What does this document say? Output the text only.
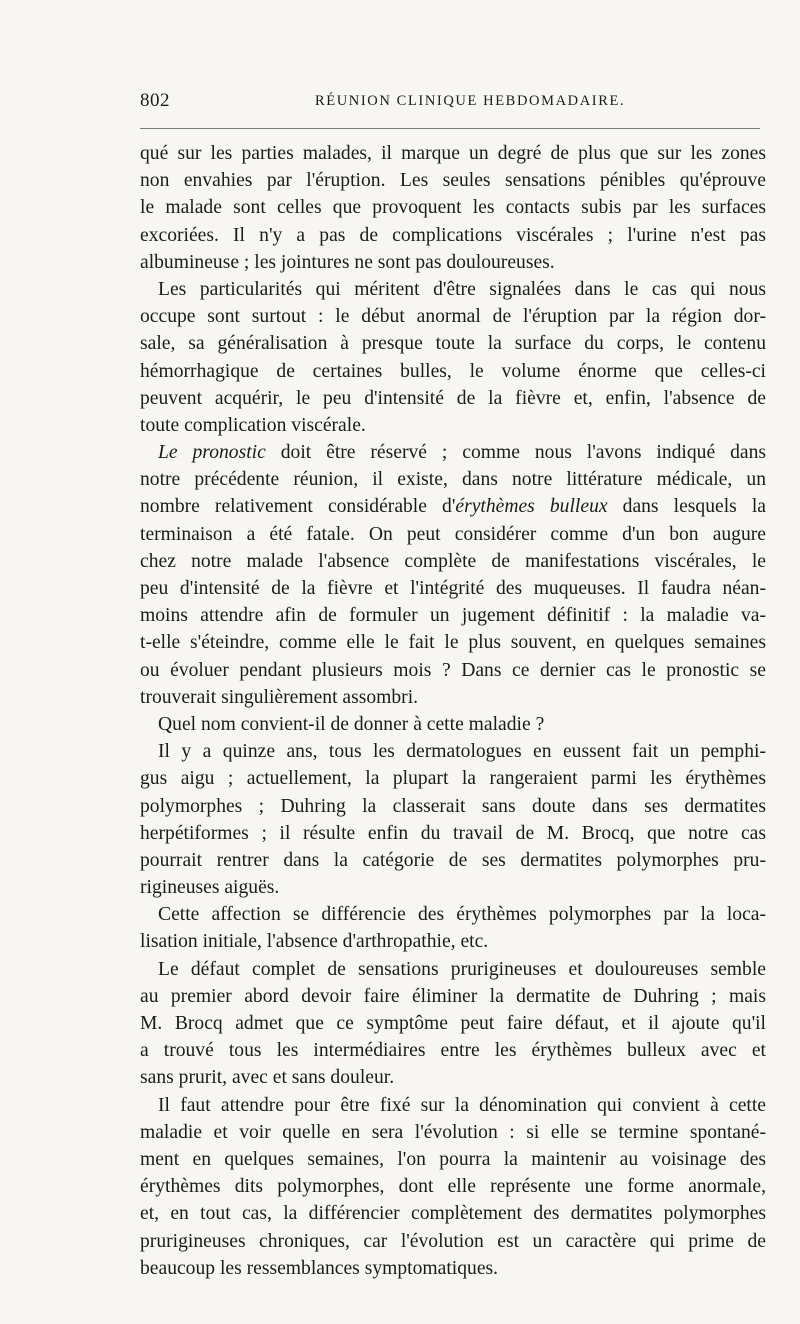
802	RÉUNION CLINIQUE HEBDOMADAIRE.
qué sur les parties malades, il marque un degré de plus que sur les zones
non envahies par l'éruption. Les seules sensations pénibles qu'éprouve
le malade sont celles que provoquent les contacts subis par les surfaces
excoriées. Il n'y a pas de complications viscérales ; l'urine n'est pas
albumineuse ; les jointures ne sont pas douloureuses.
Les particularités qui méritent d'être signalées dans le cas qui nous
occupe sont surtout : le début anormal de l'éruption par la région dor-
sale, sa généralisation à presque toute la surface du corps, le contenu
hémorrhagique de certaines bulles, le volume énorme que celles-ci
peuvent acquérir, le peu d'intensité de la fièvre et, enfin, l'absence de
toute complication viscérale.
Le pronostic doit être réservé ; comme nous l'avons indiqué dans
notre précédente réunion, il existe, dans notre littérature médicale, un
nombre relativement considérable d'érythèmes bulleux dans lesquels la
terminaison a été fatale. On peut considérer comme d'un bon augure
chez notre malade l'absence complète de manifestations viscérales, le
peu d'intensité de la fièvre et l'intégrité des muqueuses. Il faudra néan-
moins attendre afin de formuler un jugement définitif : la maladie va-
t-elle s'éteindre, comme elle le fait le plus souvent, en quelques semaines
ou évoluer pendant plusieurs mois ? Dans ce dernier cas le pronostic se
trouverait singulièrement assombri.
Quel nom convient-il de donner à cette maladie ?
Il y a quinze ans, tous les dermatologues en eussent fait un pemphi-
gus aigu ; actuellement, la plupart la rangeraient parmi les érythèmes
polymorphes ; Duhring la classerait sans doute dans ses dermatites
herpétiformes ; il résulte enfin du travail de M. Brocq, que notre cas
pourrait rentrer dans la catégorie de ses dermatites polymorphes pru-
rigineuses aiguës.
Cette affection se différencie des érythèmes polymorphes par la loca-
lisation initiale, l'absence d'arthropathie, etc.
Le défaut complet de sensations prurigineuses et douloureuses semble
au premier abord devoir faire éliminer la dermatite de Duhring ; mais
M. Brocq admet que ce symptôme peut faire défaut, et il ajoute qu'il
a trouvé tous les intermédiaires entre les érythèmes bulleux avec et
sans prurit, avec et sans douleur.
Il faut attendre pour être fixé sur la dénomination qui convient à cette
maladie et voir quelle en sera l'évolution : si elle se termine spontané-
ment en quelques semaines, l'on pourra la maintenir au voisinage des
érythèmes dits polymorphes, dont elle représente une forme anormale,
et, en tout cas, la différencier complètement des dermatites polymorphes
prurigineuses chroniques, car l'évolution est un caractère qui prime de
beaucoup les ressemblances symptomatiques.
